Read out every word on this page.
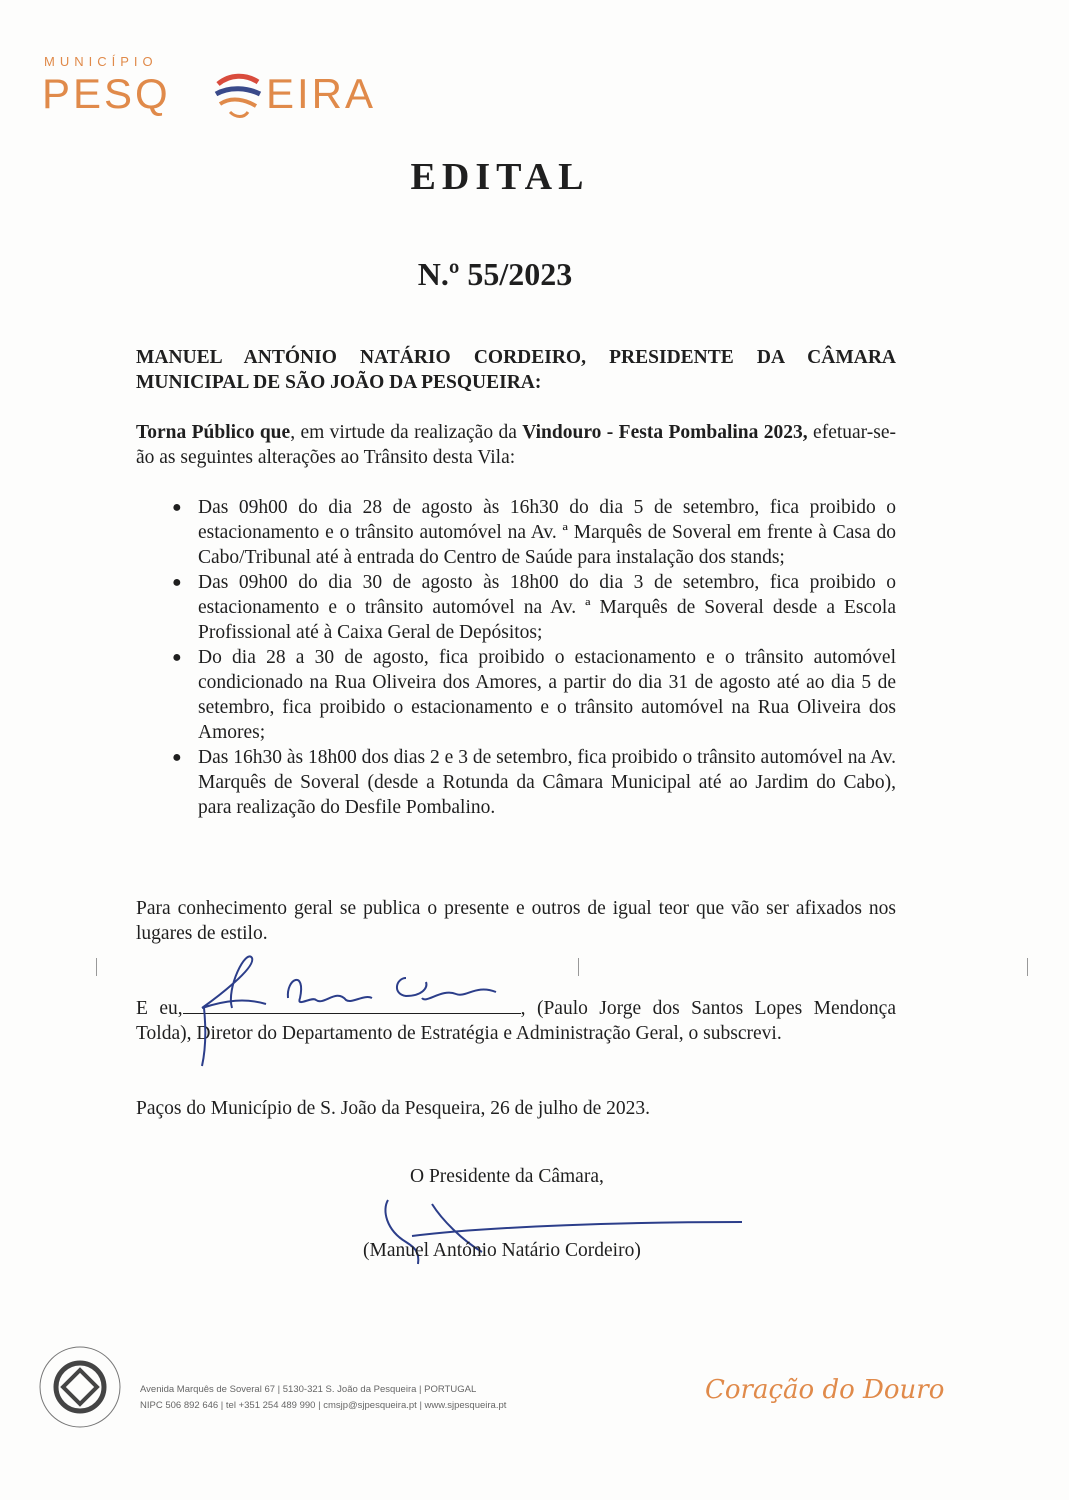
MUNICÍPIO
PESQ EIRA
EDITAL
N.º 55/2023
MANUEL ANTÓNIO NATÁRIO CORDEIRO, PRESIDENTE DA CÂMARA MUNICIPAL DE SÃO JOÃO DA PESQUEIRA:
Torna Público que, em virtude da realização da Vindouro - Festa Pombalina 2023, efetuar-se-ão as seguintes alterações ao Trânsito desta Vila:
● Das 09h00 do dia 28 de agosto às 16h30 do dia 5 de setembro, fica proibido o estacionamento e o trânsito automóvel na Av. ª Marquês de Soveral em frente à Casa do Cabo/Tribunal até à entrada do Centro de Saúde para instalação dos stands;
● Das 09h00 do dia 30 de agosto às 18h00 do dia 3 de setembro, fica proibido o estacionamento e o trânsito automóvel na Av. ª Marquês de Soveral desde a Escola Profissional até à Caixa Geral de Depósitos;
● Do dia 28 a 30 de agosto, fica proibido o estacionamento e o trânsito automóvel condicionado na Rua Oliveira dos Amores, a partir do dia 31 de agosto até ao dia 5 de setembro, fica proibido o estacionamento e o trânsito automóvel na Rua Oliveira dos Amores;
● Das 16h30 às 18h00 dos dias 2 e 3 de setembro, fica proibido o trânsito automóvel na Av. Marquês de Soveral (desde a Rotunda da Câmara Municipal até ao Jardim do Cabo), para realização do Desfile Pombalino.
Para conhecimento geral se publica o presente e outros de igual teor que vão ser afixados nos lugares de estilo.
E eu,	, (Paulo Jorge dos Santos Lopes Mendonça Tolda), Diretor do Departamento de Estratégia e Administração Geral, o subscrevi.
Paços do Município de S. João da Pesqueira, 26 de julho de 2023.
O Presidente da Câmara,
(Manuel António Natário Cordeiro)
Avenida Marquês de Soveral 67 | 5130-321 S. João da Pesqueira | PORTUGAL
NIPC 506 892 646 | tel +351 254 489 990 | cmsjp@sjpesqueira.pt | www.sjpesqueira.pt
Coração do Douro
